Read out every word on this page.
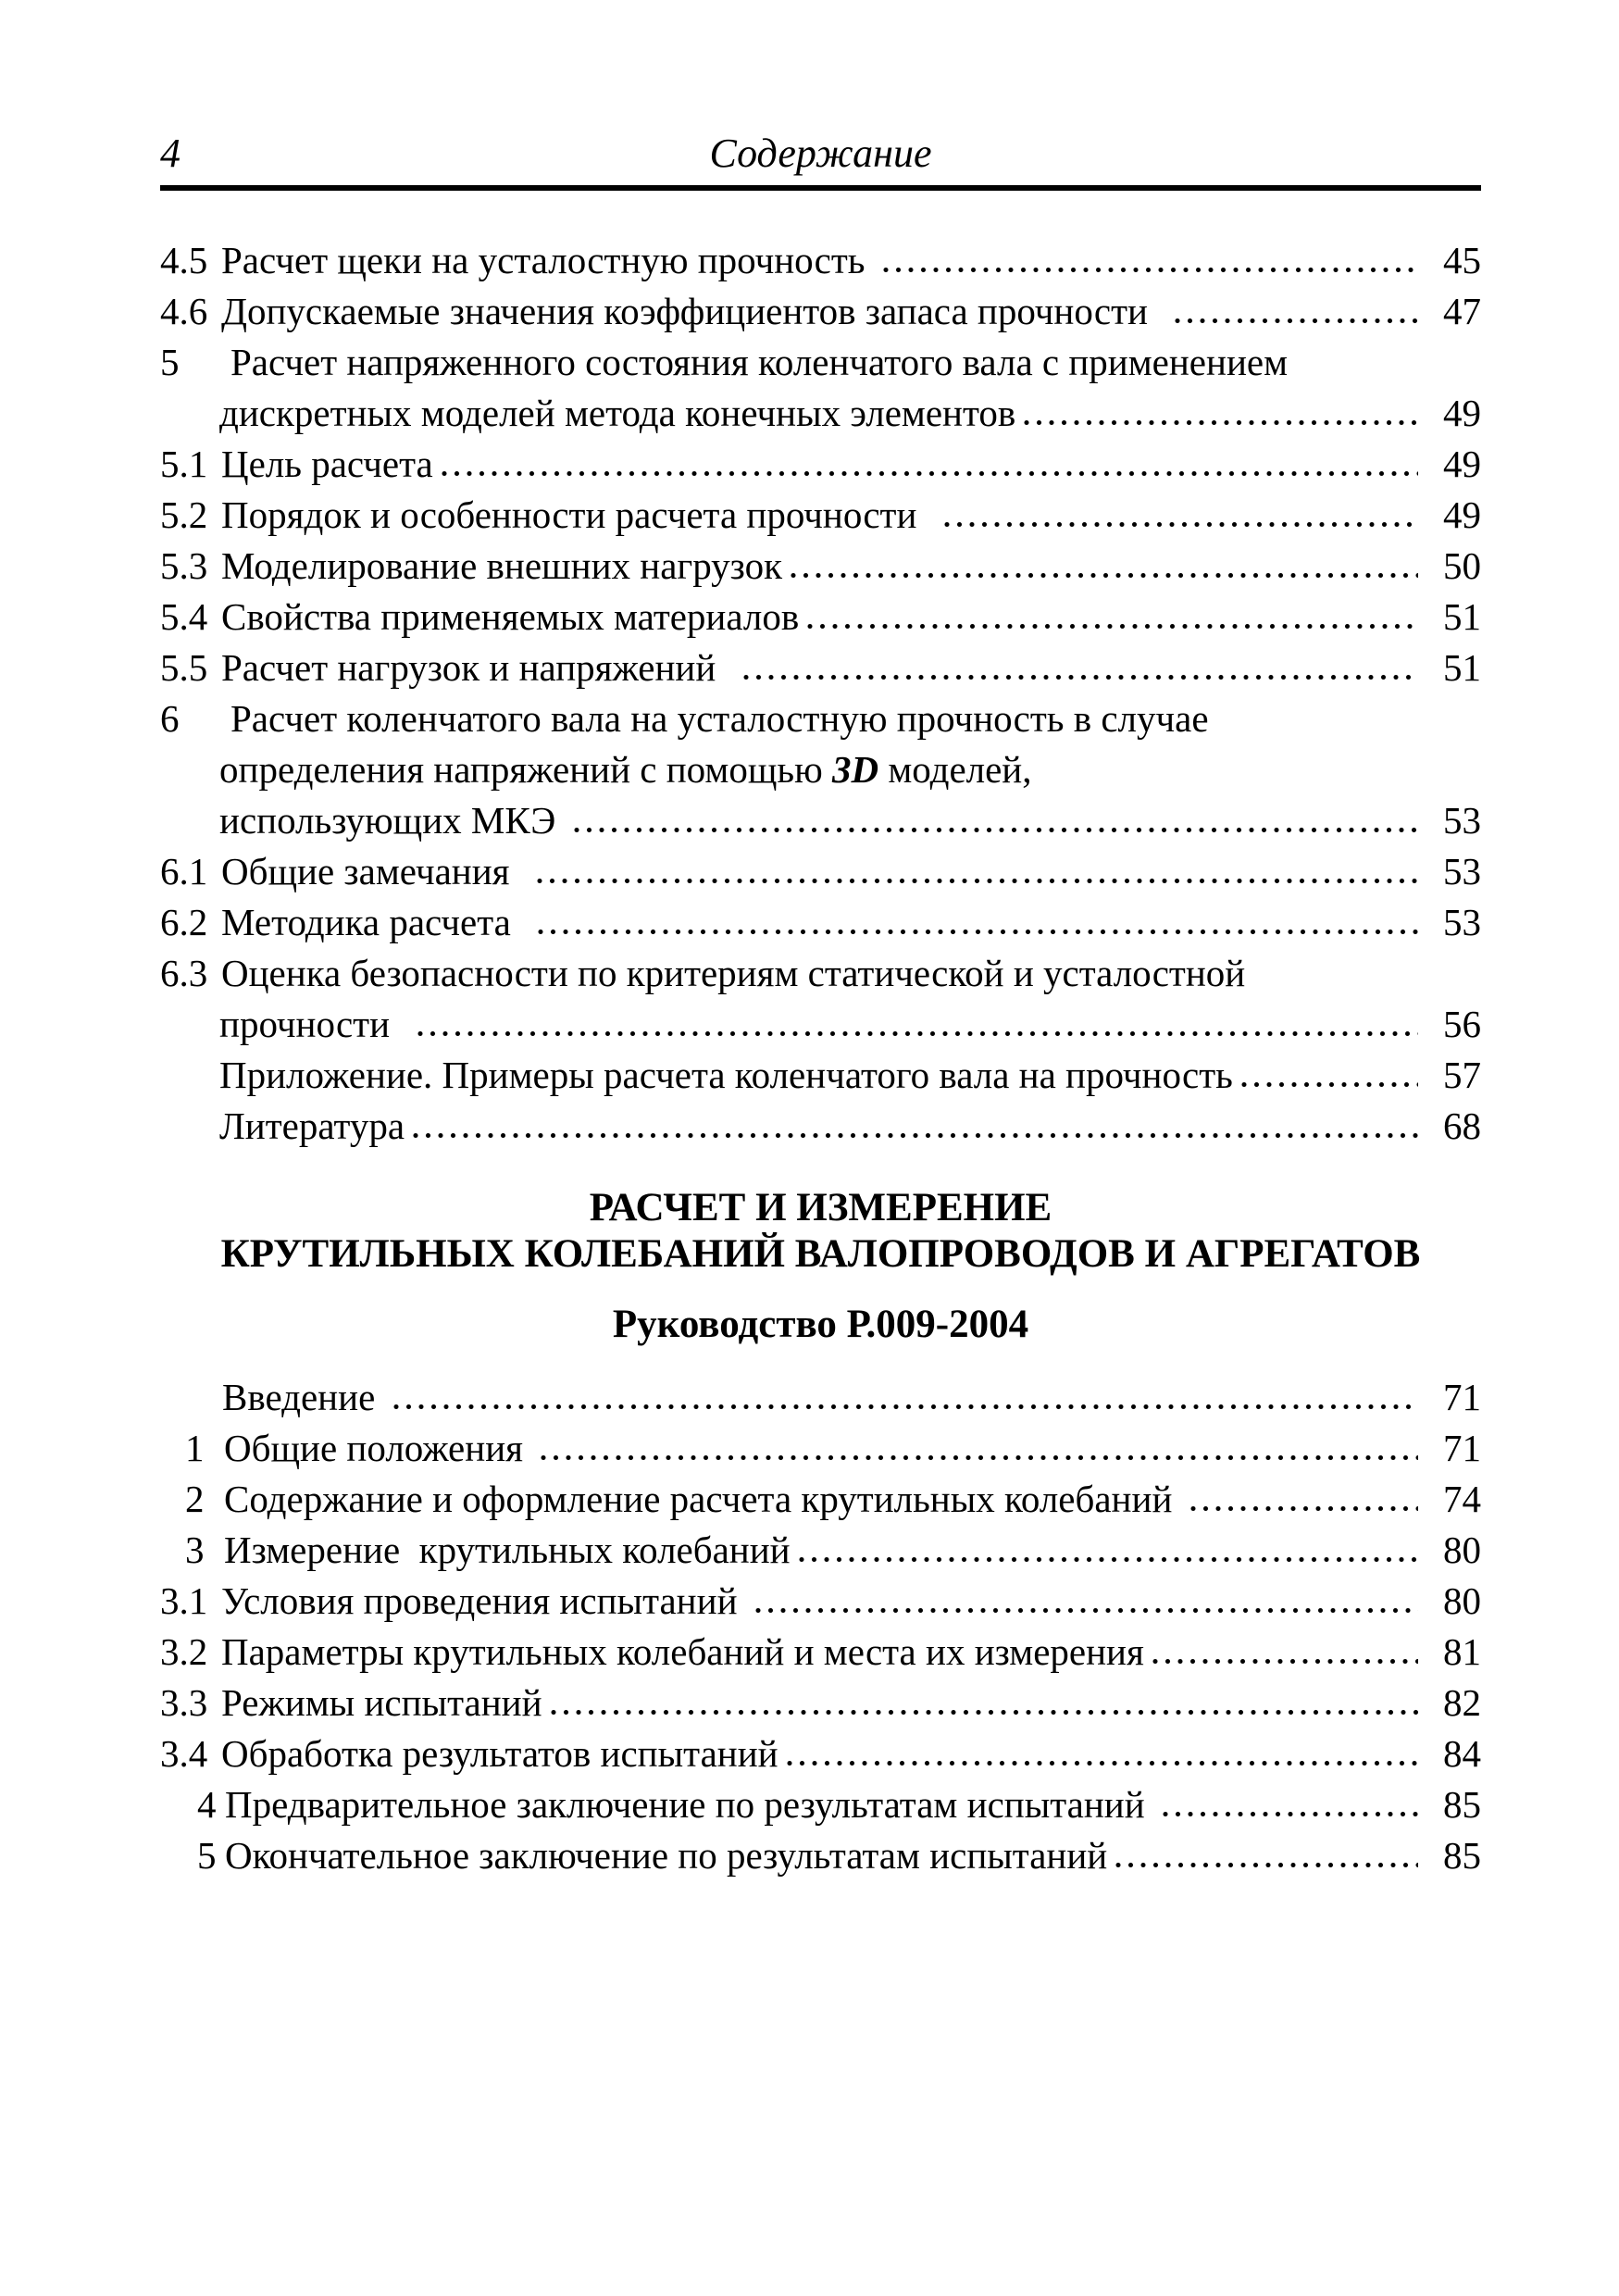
4	Содержание
4.5 Расчет щеки на усталостную прочность	45
4.6 Допускаемые значения коэффициентов запаса прочности	47
5	Расчет напряженного состояния коленчатого вала с применением
дискретных моделей метода конечных элементов	49
5.1 Цель расчета	49
5.2 Порядок и особенности расчета прочности	49
5.3 Моделирование внешних нагрузок	50
5.4 Свойства применяемых материалов	51
5.5 Расчет нагрузок и напряжений	51
6	Расчет коленчатого вала на усталостную прочность в случае
определения напряжений с помощью 3D моделей,
использующих МКЭ	53
6.1 Общие замечания	53
6.2 Методика расчета	53
6.3 Оценка безопасности по критериям статической и усталостной
прочности	56
Приложение. Примеры расчета коленчатого вала на прочность	57
Литература	68
РАСЧЕТ И ИЗМЕРЕНИЕ
КРУТИЛЬНЫХ КОЛЕБАНИЙ ВАЛОПРОВОДОВ И АГРЕГАТОВ
Руководство Р.009-2004
Введение	71
1 Общие положения	71
2 Содержание и оформление расчета крутильных колебаний	74
3 Измерение  крутильных колебаний	80
3.1 Условия проведения испытаний	80
3.2 Параметры крутильных колебаний и места их измерения	81
3.3 Режимы испытаний	82
3.4 Обработка результатов испытаний	84
4 Предварительное заключение по результатам испытаний	85
5 Окончательное заключение по результатам испытаний	85
